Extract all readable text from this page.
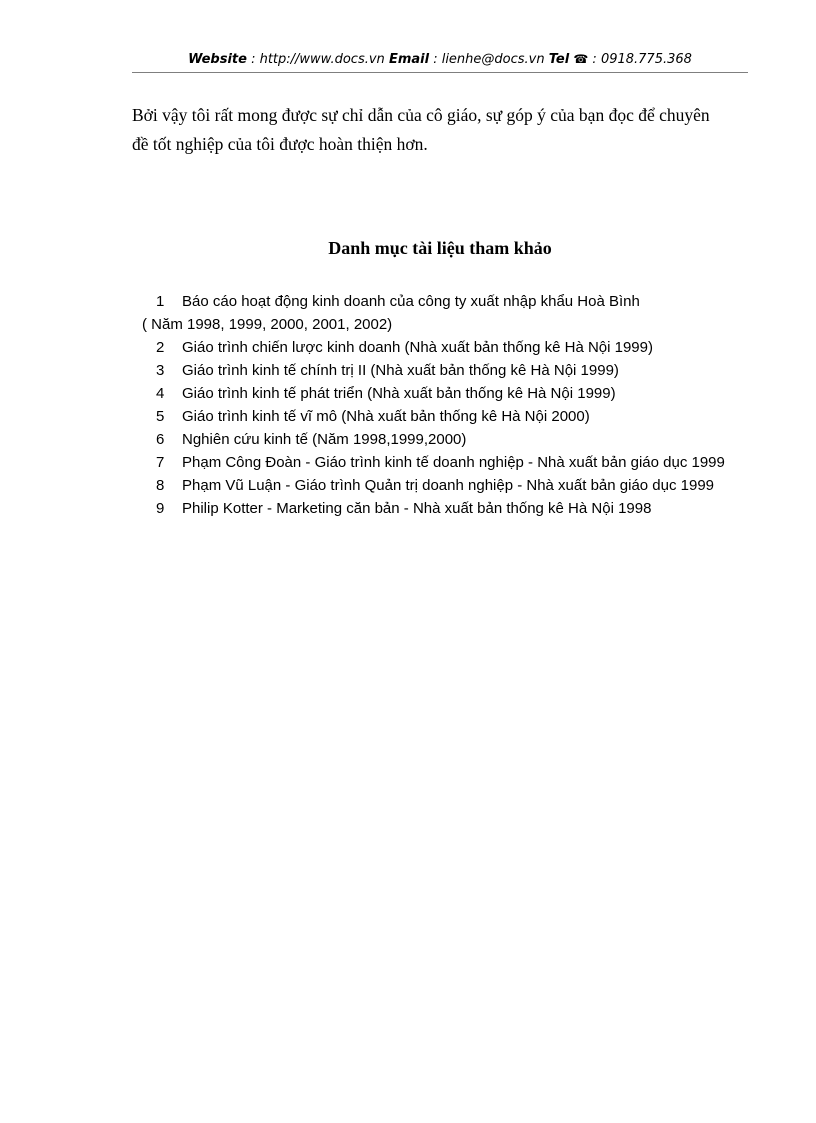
Website : http://www.docs.vn Email : lienhe@docs.vn Tel ☎ : 0918.775.368

Bởi vậy tôi rất mong được sự chỉ dẫn của cô giáo, sự góp ý của bạn đọc để chuyên
đề tốt nghiệp của tôi được hoàn thiện hơn.

Danh mục tài liệu tham khảo
1 Báo cáo hoạt động kinh doanh của công ty xuất nhập khẩu Hoà Bình
( Năm 1998, 1999, 2000, 2001, 2002)
2 Giáo trình chiến lược kinh doanh (Nhà xuất bản thống kê Hà Nội 1999)
3 Giáo trình kinh tế chính trị II (Nhà xuất bản thống kê Hà Nội 1999)
4 Giáo trình kinh tế phát triển (Nhà xuất bản thống kê Hà Nội 1999)
5 Giáo trình kinh tế vĩ mô (Nhà xuất bản thống kê Hà Nội 2000)
6 Nghiên cứu kinh tế (Năm 1998,1999,2000)
7 Phạm Công Đoàn - Giáo trình kinh tế doanh nghiệp - Nhà xuất bản giáo dục 1999
8 Phạm Vũ Luận - Giáo trình Quản trị doanh nghiệp - Nhà xuất bản giáo dục 1999
9 Philip Kotter - Marketing căn bản - Nhà xuất bản thống kê Hà Nội 1998
